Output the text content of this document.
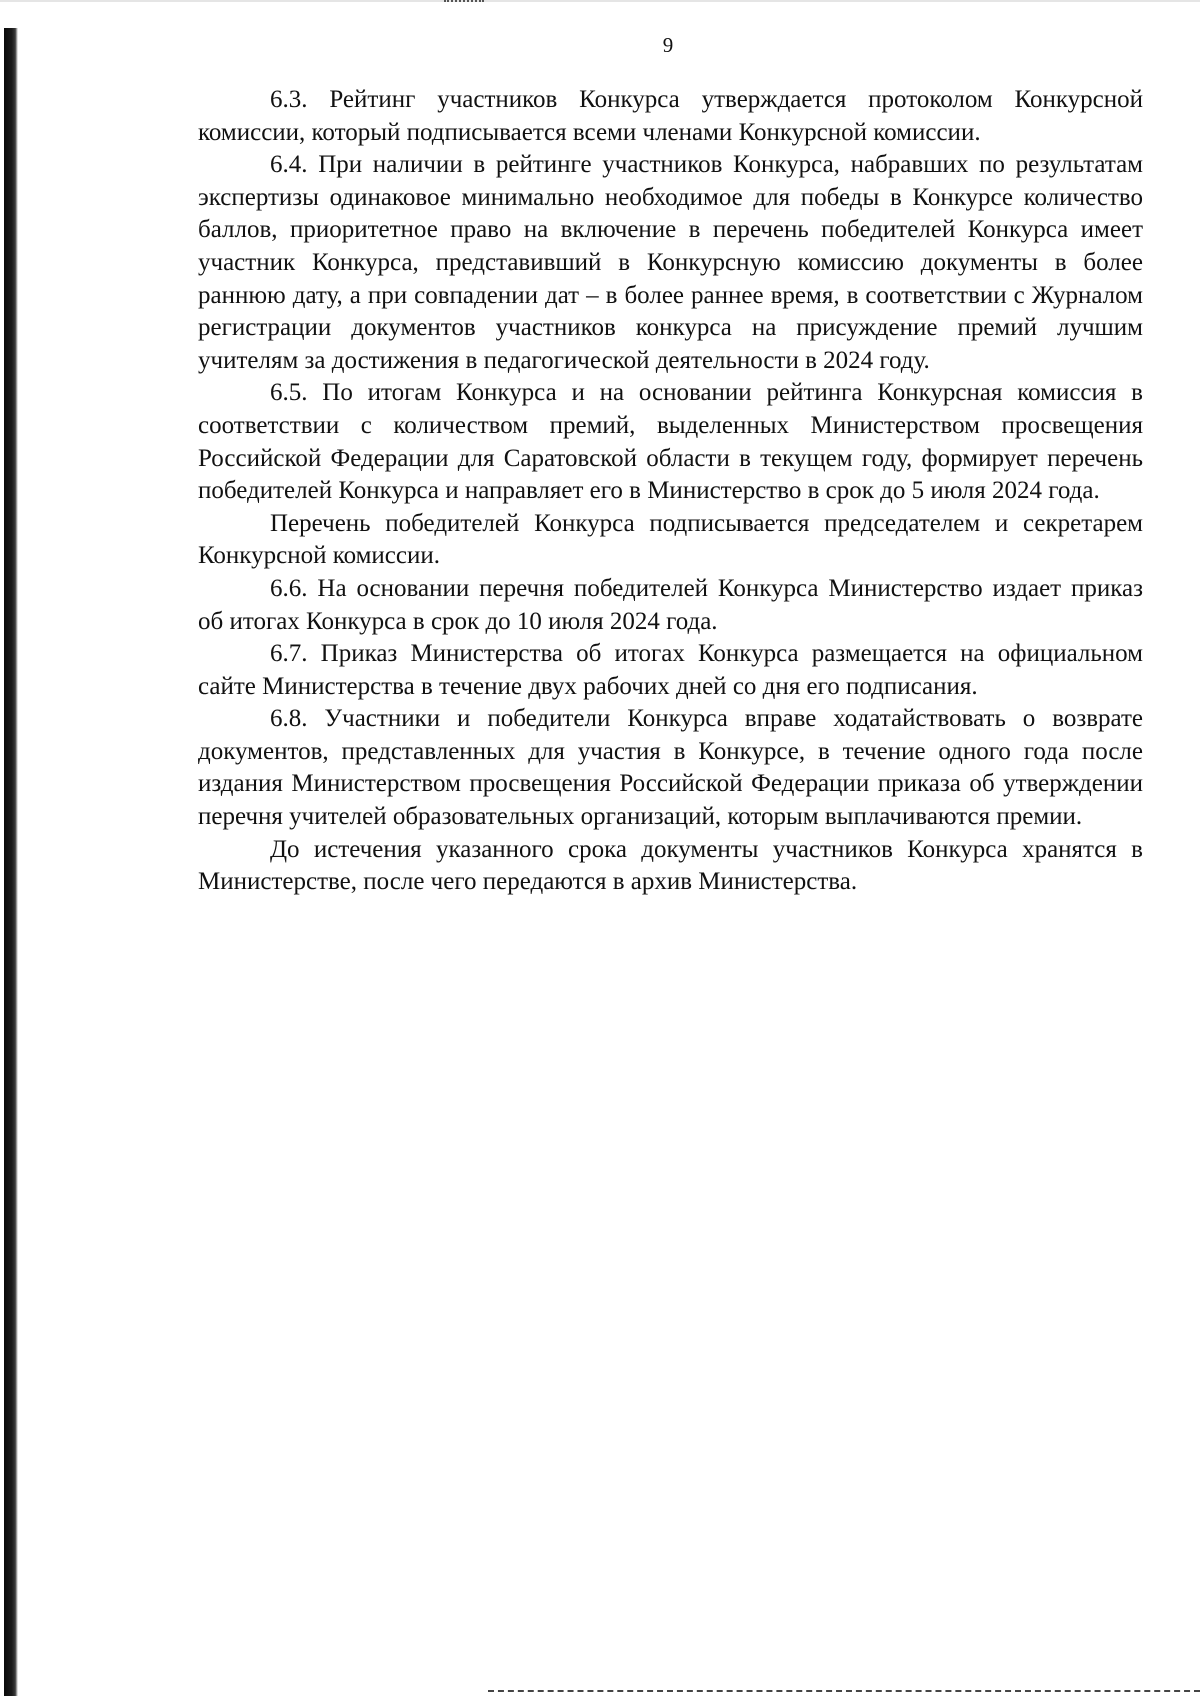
9

6.3. Рейтинг участников Конкурса утверждается протоколом Конкурсной комиссии, который подписывается всеми членами Конкурсной комиссии.

6.4. При наличии в рейтинге участников Конкурса, набравших по результатам экспертизы одинаковое минимально необходимое для победы в Конкурсе количество баллов, приоритетное право на включение в перечень победителей Конкурса имеет участник Конкурса, представивший в Конкурсную комиссию документы в более раннюю дату, а при совпадении дат – в более раннее время, в соответствии с Журналом регистрации документов участников конкурса на присуждение премий лучшим учителям за достижения в педагогической деятельности в 2024 году.

6.5. По итогам Конкурса и на основании рейтинга Конкурсная комиссия в соответствии с количеством премий, выделенных Министерством просвещения Российской Федерации для Саратовской области в текущем году, формирует перечень победителей Конкурса и направляет его в Министерство в срок до 5 июля 2024 года.

Перечень победителей Конкурса подписывается председателем и секретарем Конкурсной комиссии.

6.6. На основании перечня победителей Конкурса Министерство издает приказ об итогах Конкурса в срок до 10 июля 2024 года.

6.7. Приказ Министерства об итогах Конкурса размещается на официальном сайте Министерства в течение двух рабочих дней со дня его подписания.

6.8. Участники и победители Конкурса вправе ходатайствовать о возврате документов, представленных для участия в Конкурсе, в течение одного года после издания Министерством просвещения Российской Федерации приказа об утверждении перечня учителей образовательных организаций, которым выплачиваются премии.

До истечения указанного срока документы участников Конкурса хранятся в Министерстве, после чего передаются в архив Министерства.
